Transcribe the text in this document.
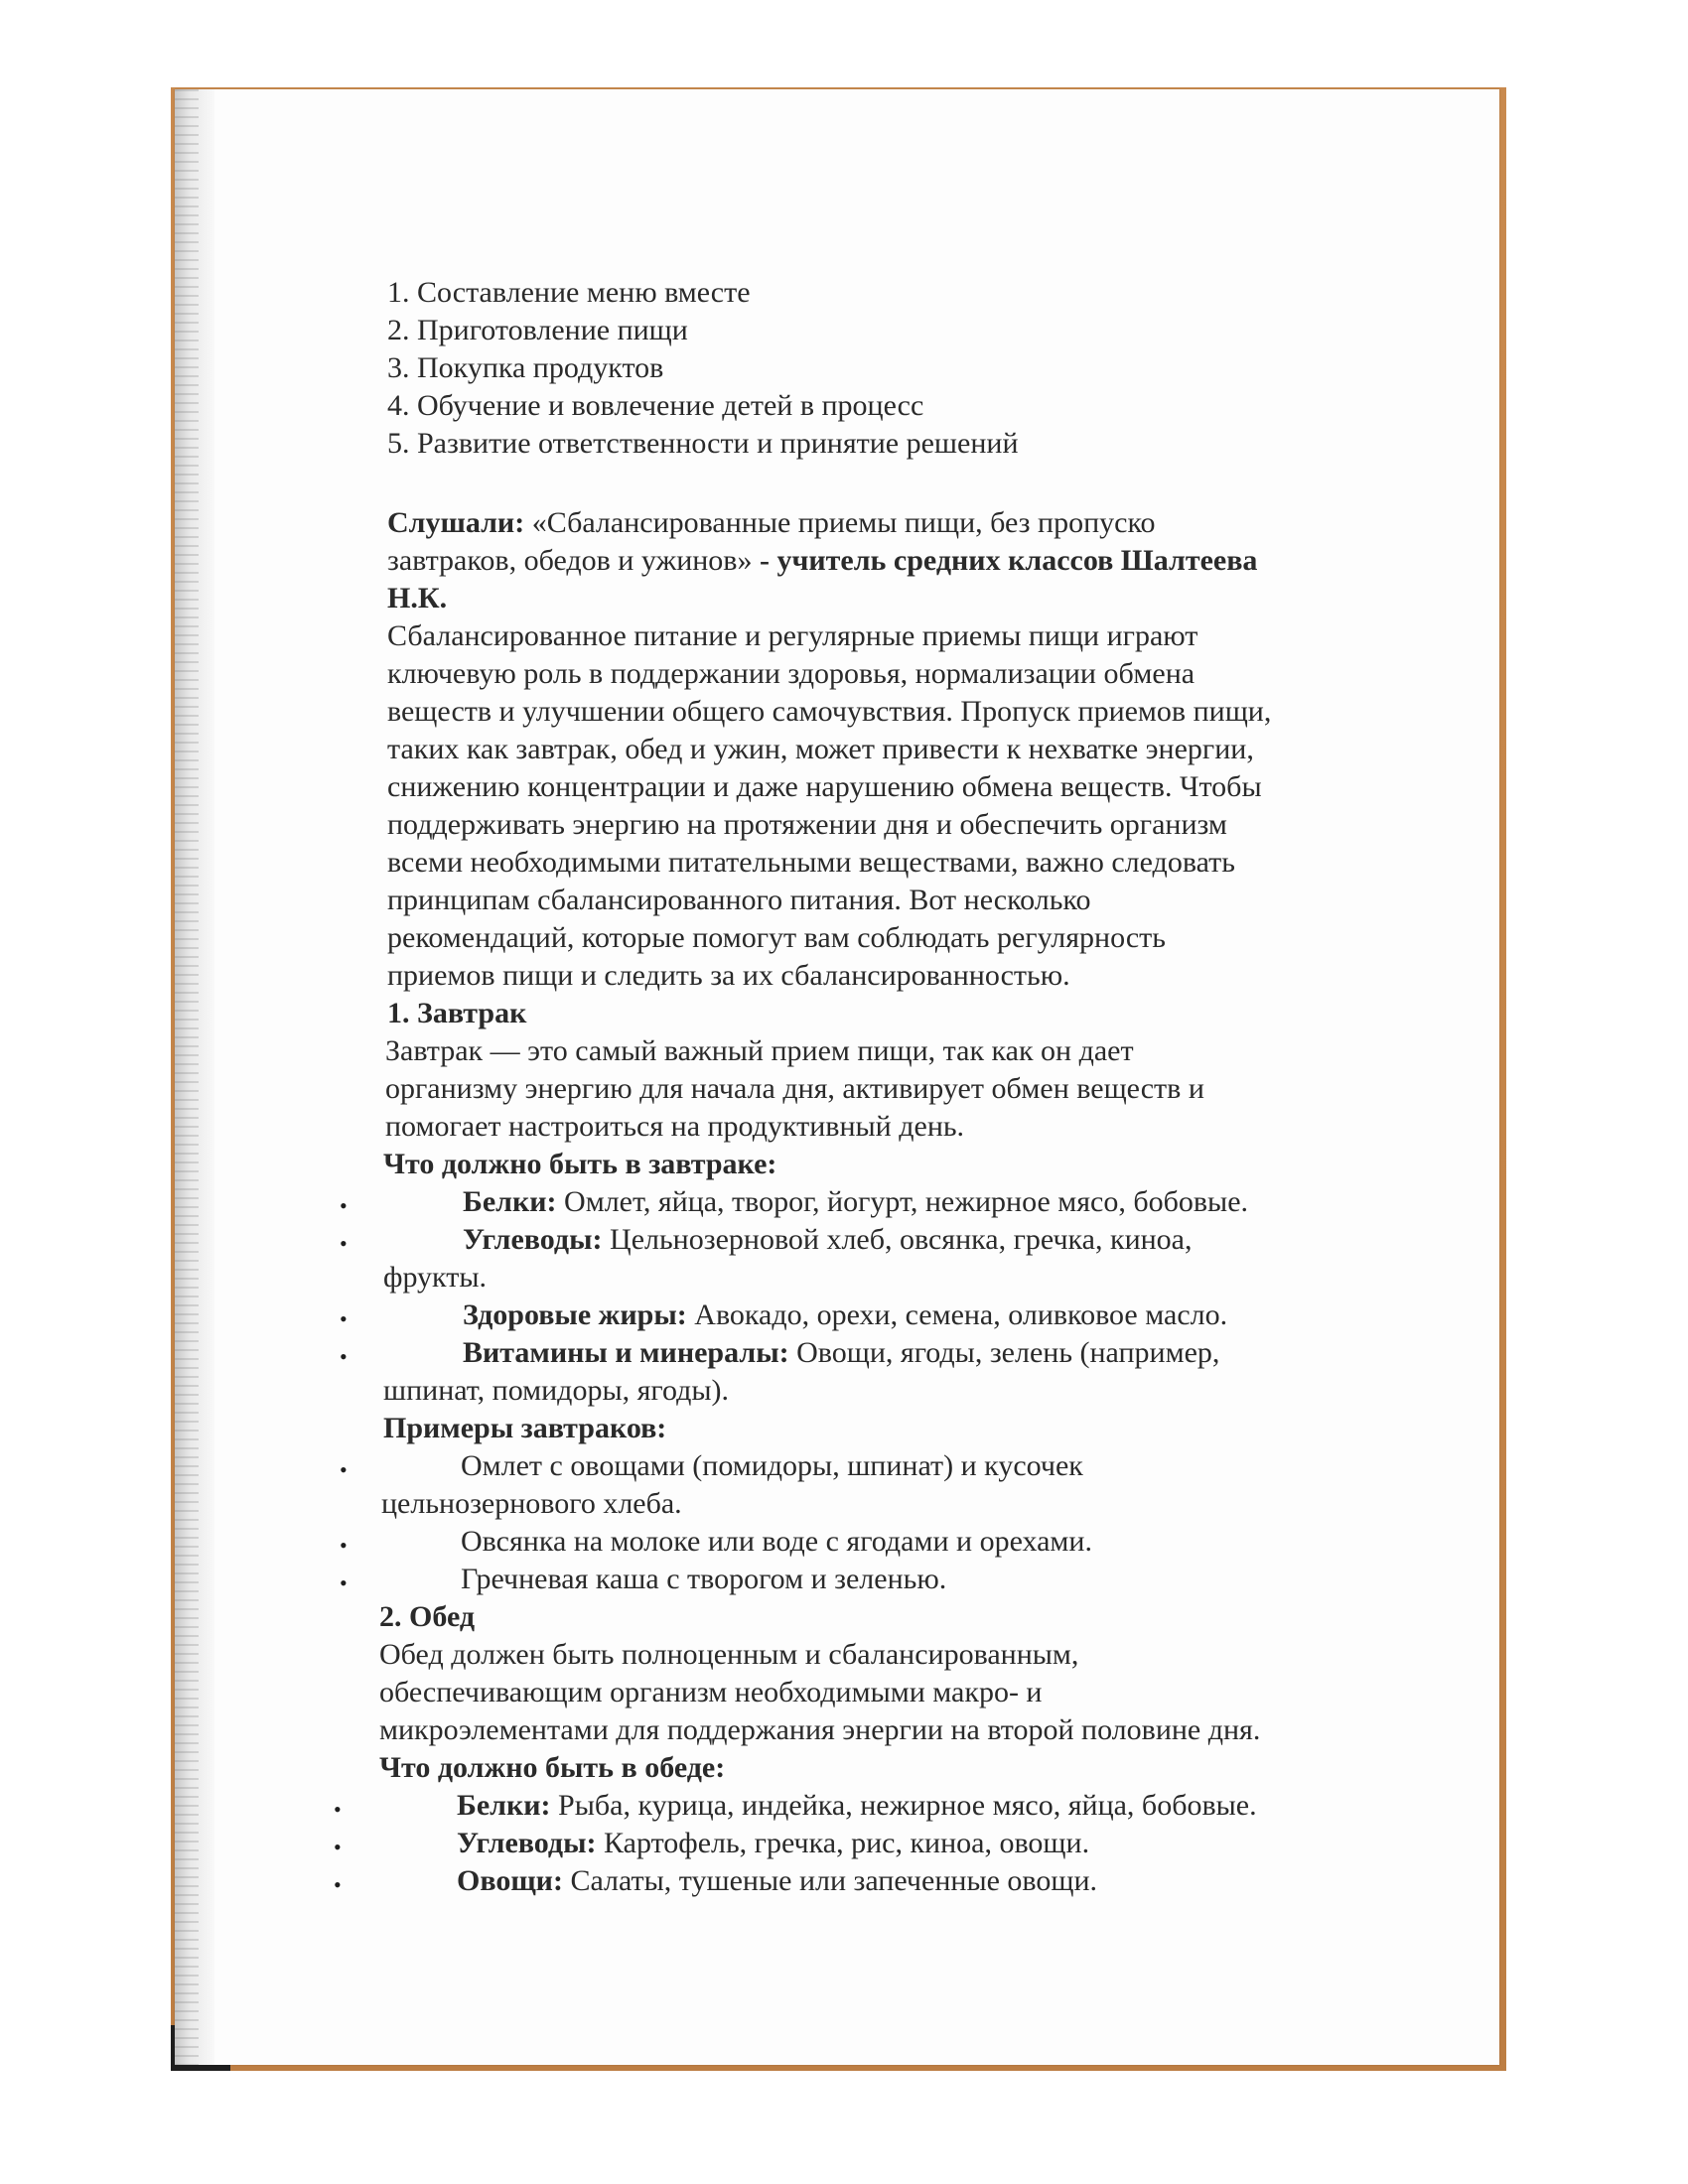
1. Составление меню вместе
2. Приготовление пищи
3. Покупка продуктов
4. Обучение и вовлечение детей в процесс
5. Развитие ответственности и принятие решений
Слушали: «Сбалансированные приемы пищи, без пропуско
завтраков, обедов и ужинов» - учитель средних классов Шалтеева
Н.К.
Сбалансированное питание и регулярные приемы пищи играют
ключевую роль в поддержании здоровья, нормализации обмена
веществ и улучшении общего самочувствия. Пропуск приемов пищи,
таких как завтрак, обед и ужин, может привести к нехватке энергии,
снижению концентрации и даже нарушению обмена веществ. Чтобы
поддерживать энергию на протяжении дня и обеспечить организм
всеми необходимыми питательными веществами, важно следовать
принципам сбалансированного питания. Вот несколько
рекомендаций, которые помогут вам соблюдать регулярность
приемов пищи и следить за их сбалансированностью.
1. Завтрак
Завтрак — это самый важный прием пищи, так как он дает
организму энергию для начала дня, активирует обмен веществ и
помогает настроиться на продуктивный день.
Что должно быть в завтраке:
•	Белки: Омлет, яйца, творог, йогурт, нежирное мясо, бобовые.
•	Углеводы: Цельнозерновой хлеб, овсянка, гречка, киноа,
фрукты.
•	Здоровые жиры: Авокадо, орехи, семена, оливковое масло.
•	Витамины и минералы: Овощи, ягоды, зелень (например,
шпинат, помидоры, ягоды).
Примеры завтраков:
•	Омлет с овощами (помидоры, шпинат) и кусочек
цельнозернового хлеба.
•	Овсянка на молоке или воде с ягодами и орехами.
•	Гречневая каша с творогом и зеленью.
2. Обед
Обед должен быть полноценным и сбалансированным,
обеспечивающим организм необходимыми макро- и
микроэлементами для поддержания энергии на второй половине дня.
Что должно быть в обеде:
•	Белки: Рыба, курица, индейка, нежирное мясо, яйца, бобовые.
•	Углеводы: Картофель, гречка, рис, киноа, овощи.
•	Овощи: Салаты, тушеные или запеченные овощи.
